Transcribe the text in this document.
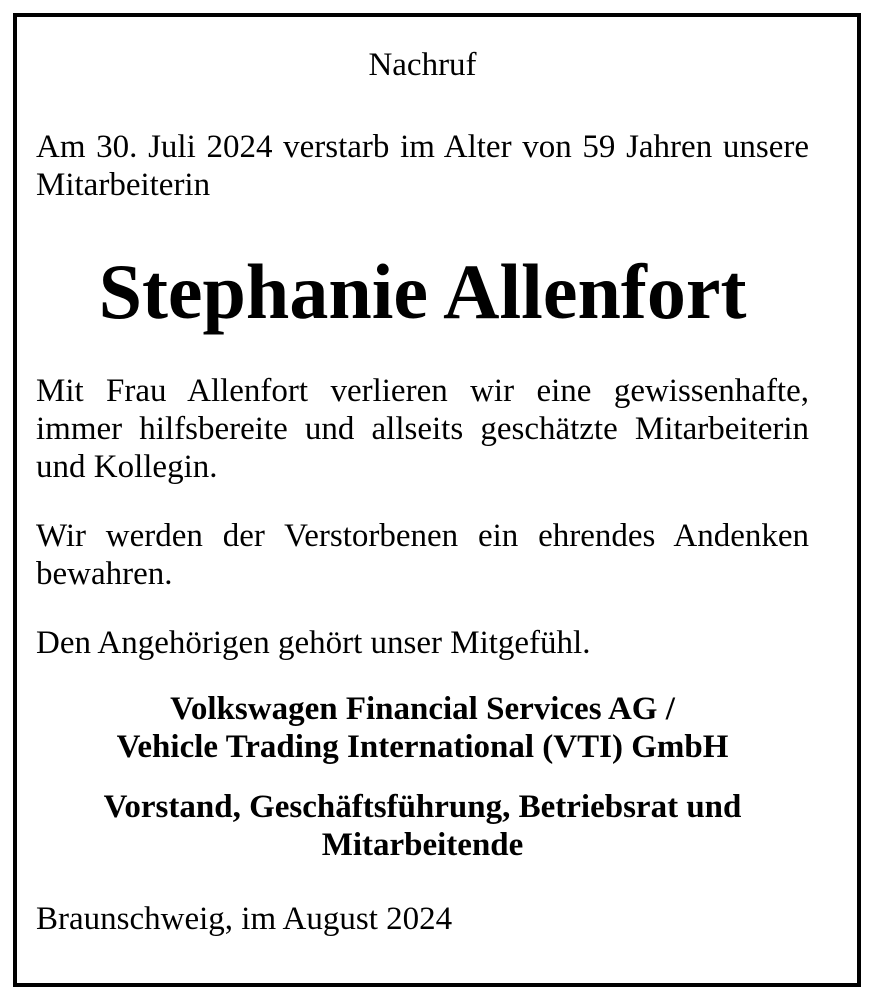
Nachruf

Am 30. Juli 2024 verstarb im Alter von 59 Jahren unsere Mitarbeiterin

Stephanie Allenfort

Mit Frau Allenfort verlieren wir eine gewissenhafte, immer hilfsbereite und allseits geschätzte Mitarbeiterin und Kollegin.

Wir werden der Verstorbenen ein ehrendes Andenken bewahren.

Den Angehörigen gehört unser Mitgefühl.

Volkswagen Financial Services AG /
Vehicle Trading International (VTI) GmbH

Vorstand, Geschäftsführung, Betriebsrat und
Mitarbeitende

Braunschweig, im August 2024
